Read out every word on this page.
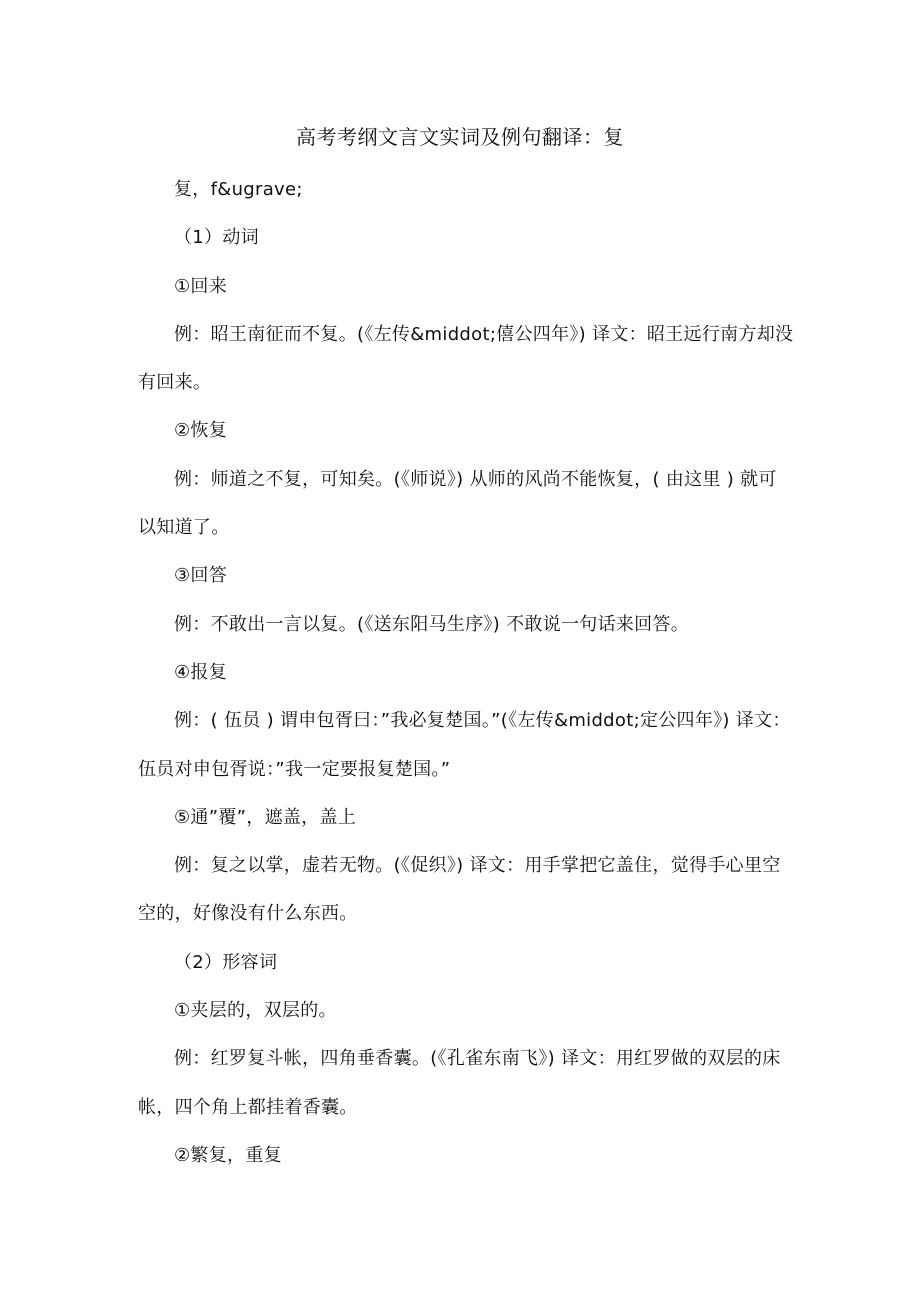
高考考纲文言文实词及例句翻译：复

复，f&ugrave;

（1）动词

①回来

例：昭王南征而不复。(《左传&middot;僖公四年》) 译文：昭王远行南方却没有回来。

②恢复

例：师道之不复，可知矣。(《师说》) 从师的风尚不能恢复，( 由这里 ) 就可以知道了。

③回答

例：不敢出一言以复。(《送东阳马生序》) 不敢说一句话来回答。

④报复

例：( 伍员 ) 谓申包胥曰：”我必复楚国。”(《左传&middot;定公四年》) 译文：伍员对申包胥说：”我一定要报复楚国。”

⑤通”覆”，遮盖，盖上

例：复之以掌，虚若无物。(《促织》) 译文：用手掌把它盖住，觉得手心里空空的，好像没有什么东西。

（2）形容词

①夹层的，双层的。

例：红罗复斗帐，四角垂香囊。(《孔雀东南飞》) 译文：用红罗做的双层的床帐，四个角上都挂着香囊。

②繁复，重复
